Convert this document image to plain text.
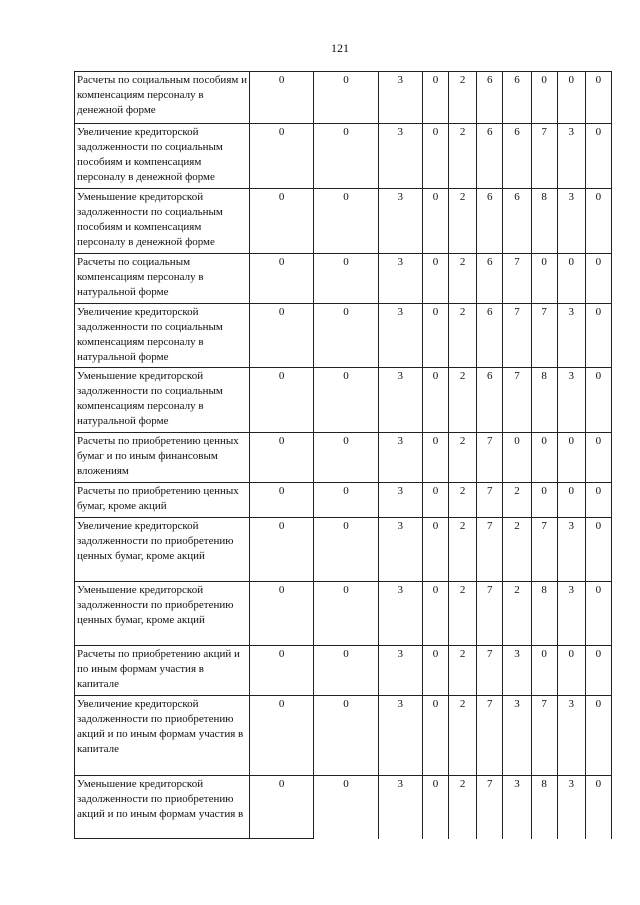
121
Расчеты по социальным пособиям и компенсациям персоналу в денежной форме	0	0	3	0	2	6	6	0	0	0
Увеличение кредиторской задолженности по социальным пособиям и компенсациям персоналу в денежной форме	0	0	3	0	2	6	6	7	3	0
Уменьшение кредиторской задолженности по социальным пособиям и компенсациям персоналу в денежной форме	0	0	3	0	2	6	6	8	3	0
Расчеты по социальным компенсациям персоналу в натуральной форме	0	0	3	0	2	6	7	0	0	0
Увеличение кредиторской задолженности по социальным компенсациям персоналу в натуральной форме	0	0	3	0	2	6	7	7	3	0
Уменьшение кредиторской задолженности по социальным компенсациям персоналу в натуральной форме	0	0	3	0	2	6	7	8	3	0
Расчеты по приобретению ценных бумаг и по иным финансовым вложениям	0	0	3	0	2	7	0	0	0	0
Расчеты по приобретению ценных бумаг, кроме акций	0	0	3	0	2	7	2	0	0	0
Увеличение кредиторской задолженности по приобретению ценных бумаг, кроме акций	0	0	3	0	2	7	2	7	3	0
Уменьшение кредиторской задолженности по приобретению ценных бумаг, кроме акций	0	0	3	0	2	7	2	8	3	0
Расчеты по приобретению акций и по иным формам участия в капитале	0	0	3	0	2	7	3	0	0	0
Увеличение кредиторской задолженности по приобретению акций и по иным формам участия в капитале	0	0	3	0	2	7	3	7	3	0
Уменьшение кредиторской задолженности по приобретению акций и по иным формам участия в	0	0	3	0	2	7	3	8	3	0
